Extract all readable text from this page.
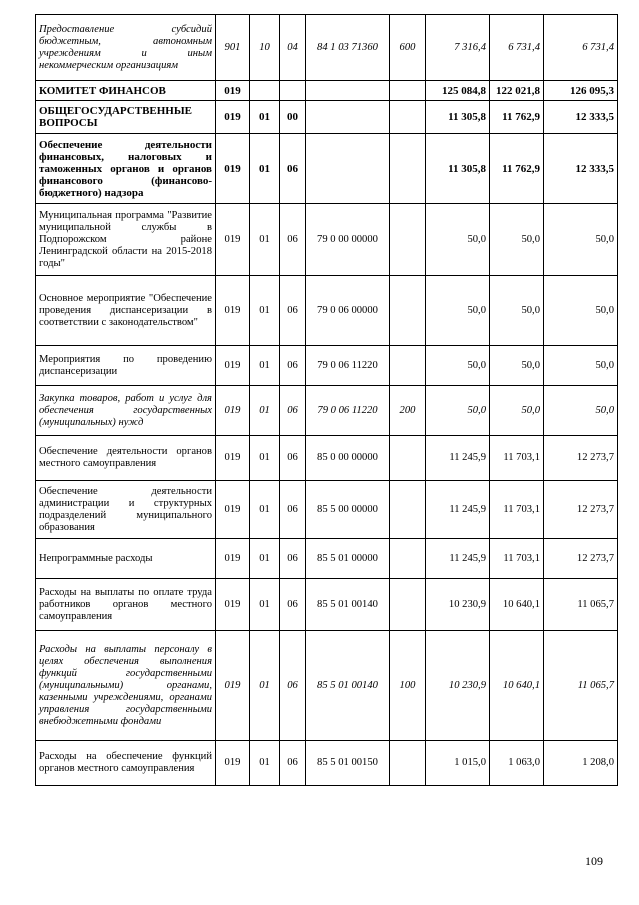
Предоставление субсидий бюджетным, автономным учреждениям и иным некоммерческим организациям	901	10	04	84 1 03 71360	600	7 316,4	6 731,4	6 731,4
КОМИТЕТ ФИНАНСОВ	019					125 084,8	122 021,8	126 095,3
ОБЩЕГОСУДАРСТВЕННЫЕ ВОПРОСЫ	019	01	00			11 305,8	11 762,9	12 333,5
Обеспечение деятельности финансовых, налоговых и таможенных органов и органов финансового (финансово-бюджетного) надзора	019	01	06			11 305,8	11 762,9	12 333,5
Муниципальная программа "Развитие муниципальной службы в Подпорожском районе Ленинградской области на 2015-2018 годы"	019	01	06	79 0 00 00000		50,0	50,0	50,0
Основное мероприятие "Обеспечение проведения диспансеризации в соответствии с законодательством"	019	01	06	79 0 06 00000		50,0	50,0	50,0
Мероприятия по проведению диспансеризации	019	01	06	79 0 06 11220		50,0	50,0	50,0
Закупка товаров, работ и услуг для обеспечения государственных (муниципальных) нужд	019	01	06	79 0 06 11220	200	50,0	50,0	50,0
Обеспечение деятельности органов местного самоуправления	019	01	06	85 0 00 00000		11 245,9	11 703,1	12 273,7
Обеспечение деятельности администрации и структурных подразделений муниципального образования	019	01	06	85 5 00 00000		11 245,9	11 703,1	12 273,7
Непрограммные расходы	019	01	06	85 5 01 00000		11 245,9	11 703,1	12 273,7
Расходы на выплаты по оплате труда работников органов местного самоуправления	019	01	06	85 5 01 00140		10 230,9	10 640,1	11 065,7
Расходы на выплаты персоналу в целях обеспечения выполнения функций государственными (муниципальными) органами, казенными учреждениями, органами управления государственными внебюджетными фондами	019	01	06	85 5 01 00140	100	10 230,9	10 640,1	11 065,7
Расходы на обеспечение функций органов местного самоуправления	019	01	06	85 5 01 00150		1 015,0	1 063,0	1 208,0
109
